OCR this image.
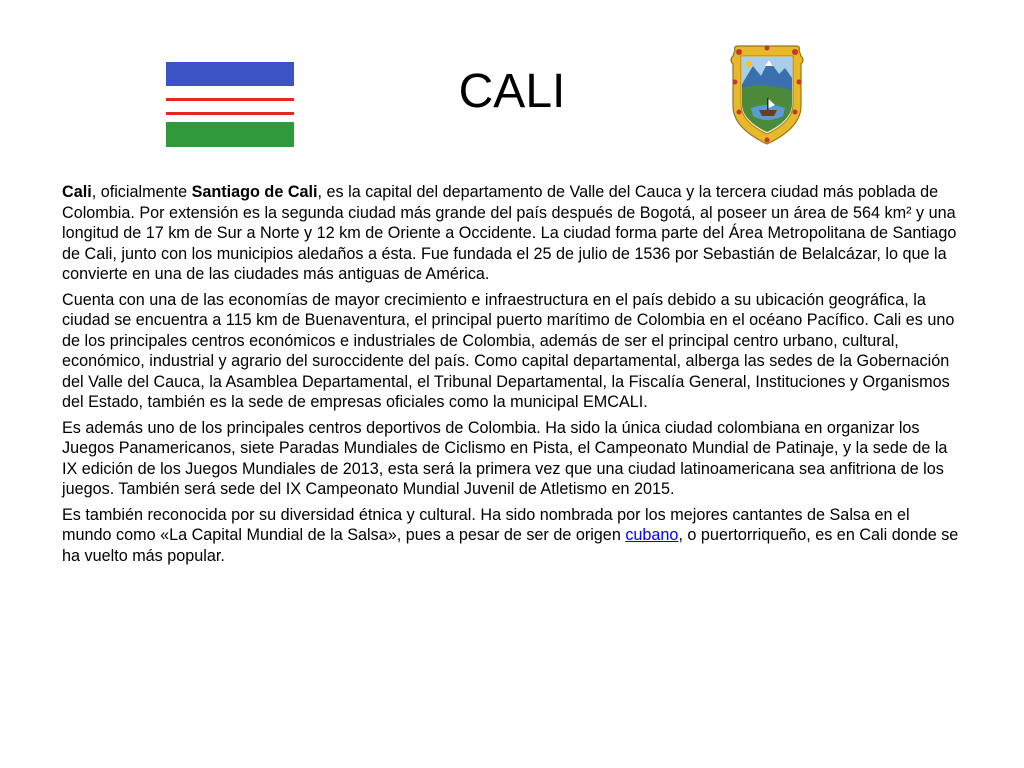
CALI

Cali, oficialmente Santiago de Cali, es la capital del departamento de Valle del Cauca y la tercera ciudad más poblada de Colombia. Por extensión es la segunda ciudad más grande del país después de Bogotá, al poseer un área de 564 km² y una longitud de 17 km de Sur a Norte y 12 km de Oriente a Occidente. La ciudad forma parte del Área Metropolitana de Santiago de Cali, junto con los municipios aledaños a ésta. Fue fundada el 25 de julio de 1536 por Sebastián de Belalcázar, lo que la convierte en una de las ciudades más antiguas de América.

Cuenta con una de las economías de mayor crecimiento e infraestructura en el país debido a su ubicación geográfica, la ciudad se encuentra a 115 km de Buenaventura, el principal puerto marítimo de Colombia en el océano Pacífico. Cali es uno de los principales centros económicos e industriales de Colombia, además de ser el principal centro urbano, cultural, económico, industrial y agrario del suroccidente del país. Como capital departamental, alberga las sedes de la Gobernación del Valle del Cauca, la Asamblea Departamental, el Tribunal Departamental, la Fiscalía General, Instituciones y Organismos del Estado, también es la sede de empresas oficiales como la municipal EMCALI.

Es además uno de los principales centros deportivos de Colombia. Ha sido la única ciudad colombiana en organizar los Juegos Panamericanos, siete Paradas Mundiales de Ciclismo en Pista, el Campeonato Mundial de Patinaje, y la sede de la IX edición de los Juegos Mundiales de 2013, esta será la primera vez que una ciudad latinoamericana sea anfitriona de los juegos. También será sede del IX Campeonato Mundial Juvenil de Atletismo en 2015.

Es también reconocida por su diversidad étnica y cultural. Ha sido nombrada por los mejores cantantes de Salsa en el mundo como «La Capital Mundial de la Salsa», pues a pesar de ser de origen cubano, o puertorriqueño, es en Cali donde se ha vuelto más popular.
